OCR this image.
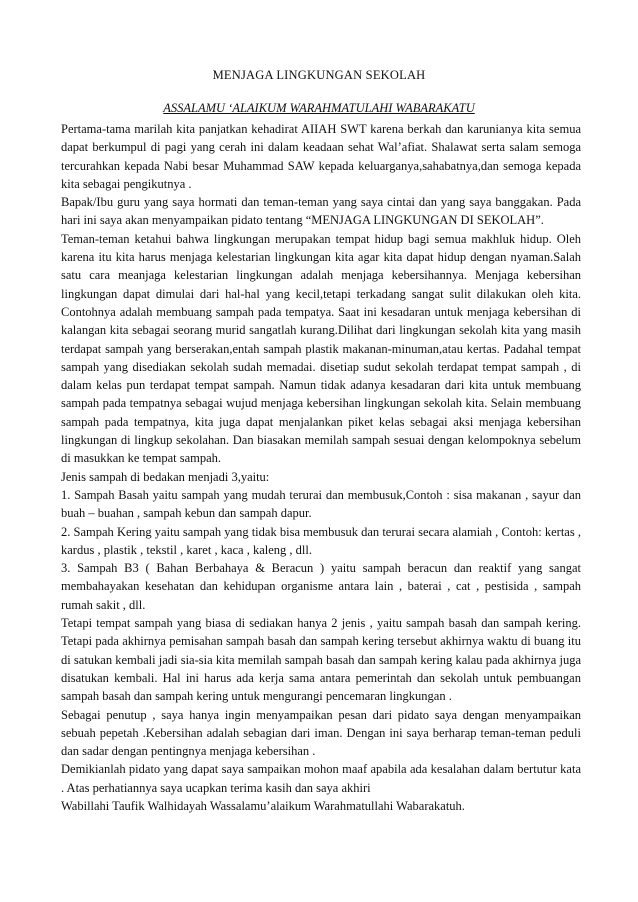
MENJAGA LINGKUNGAN SEKOLAH
ASSALAMU ‘ALAIKUM WARAHMATULAHI WABARAKATU

Pertama-tama marilah kita panjatkan kehadirat AIIAH SWT karena berkah dan karunianya kita semua dapat berkumpul di pagi yang cerah ini dalam keadaan sehat Wal’afiat. Shalawat serta salam semoga tercurahkan kepada Nabi besar Muhammad SAW kepada keluarganya,sahabatnya,dan semoga kepada kita sebagai pengikutnya .

Bapak/Ibu guru yang saya hormati dan teman-teman yang saya cintai dan yang saya banggakan. Pada hari ini saya akan menyampaikan pidato tentang “MENJAGA LINGKUNGAN DI SEKOLAH”.

Teman-teman ketahui bahwa lingkungan merupakan tempat hidup bagi semua makhluk hidup. Oleh karena itu kita harus menjaga kelestarian lingkungan kita agar kita dapat hidup dengan nyaman.Salah satu cara meanjaga kelestarian lingkungan adalah menjaga kebersihannya. Menjaga kebersihan lingkungan dapat dimulai dari hal-hal yang kecil,tetapi terkadang sangat sulit dilakukan oleh kita. Contohnya adalah membuang sampah pada tempatya. Saat ini kesadaran untuk menjaga kebersihan di kalangan kita sebagai seorang murid sangatlah kurang.Dilihat dari lingkungan sekolah kita yang masih terdapat sampah yang berserakan,entah sampah plastik makanan-minuman,atau kertas. Padahal tempat sampah yang disediakan sekolah sudah memadai. disetiap sudut sekolah terdapat tempat sampah , di dalam kelas pun terdapat tempat sampah. Namun tidak adanya kesadaran dari kita untuk membuang sampah pada tempatnya sebagai wujud menjaga kebersihan lingkungan sekolah kita. Selain membuang sampah pada tempatnya, kita juga dapat menjalankan piket kelas sebagai aksi menjaga kebersihan lingkungan di lingkup sekolahan. Dan biasakan memilah sampah sesuai dengan kelompoknya sebelum di masukkan ke tempat sampah.

Jenis sampah di bedakan menjadi 3,yaitu:

1. Sampah Basah yaitu sampah yang mudah terurai dan membusuk,Contoh : sisa makanan , sayur dan buah – buahan , sampah kebun dan sampah dapur.

2. Sampah Kering yaitu sampah yang tidak bisa membusuk dan terurai secara alamiah , Contoh: kertas , kardus , plastik , tekstil , karet , kaca , kaleng , dll.

3. Sampah B3 ( Bahan Berbahaya & Beracun ) yaitu sampah beracun dan reaktif yang sangat membahayakan kesehatan dan kehidupan organisme antara lain , baterai , cat , pestisida , sampah rumah sakit , dll.

Tetapi tempat sampah yang biasa di sediakan hanya 2 jenis , yaitu sampah basah dan sampah kering. Tetapi pada akhirnya pemisahan sampah basah dan sampah kering tersebut akhirnya waktu di buang itu di satukan kembali jadi sia-sia kita memilah sampah basah dan sampah kering kalau pada akhirnya juga disatukan kembali. Hal ini harus ada kerja sama antara pemerintah dan sekolah untuk pembuangan sampah basah dan sampah kering untuk mengurangi pencemaran lingkungan .

Sebagai penutup , saya hanya ingin menyampaikan pesan dari pidato saya dengan menyampaikan sebuah pepetah .Kebersihan adalah sebagian dari iman. Dengan ini saya berharap teman-teman peduli dan sadar dengan pentingnya menjaga kebersihan .

Demikianlah pidato yang dapat saya sampaikan mohon maaf apabila ada kesalahan dalam bertutur kata . Atas perhatiannya saya ucapkan terima kasih dan saya akhiri

Wabillahi Taufik Walhidayah Wassalamu’alaikum Warahmatullahi Wabarakatuh.
